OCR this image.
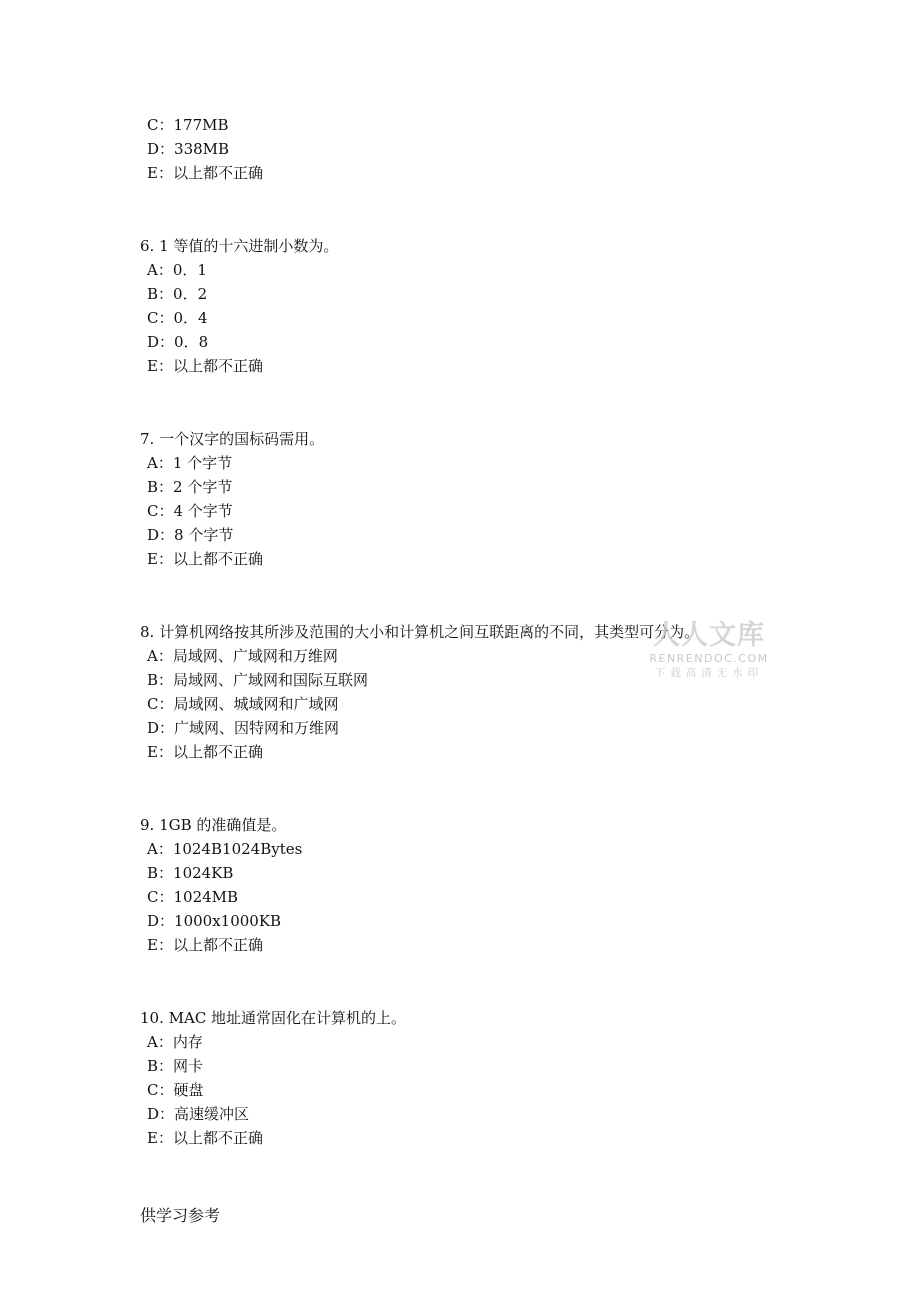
C：177MB
D：338MB
E：以上都不正确
6. 1 等值的十六进制小数为。
A：0．1
B：0．2
C：0．4
D：0．8
E：以上都不正确
7. 一个汉字的国标码需用。
A：1 个字节
B：2 个字节
C：4 个字节
D：8 个字节
E：以上都不正确
8. 计算机网络按其所涉及范围的大小和计算机之间互联距离的不同，其类型可分为。
A：局域网、广域网和万维网
B：局域网、广域网和国际互联网
C：局域网、城域网和广域网
D：广域网、因特网和万维网
E：以上都不正确
9. 1GB 的准确值是。
A：1024B1024Bytes
B：1024KB
C：1024MB
D：1000x1000KB
E：以上都不正确
10. MAC 地址通常固化在计算机的上。
A：内存
B：网卡
C：硬盘
D：高速缓冲区
E：以上都不正确
供学习参考
人人文库
RENRENDOC.COM
下载高清无水印
